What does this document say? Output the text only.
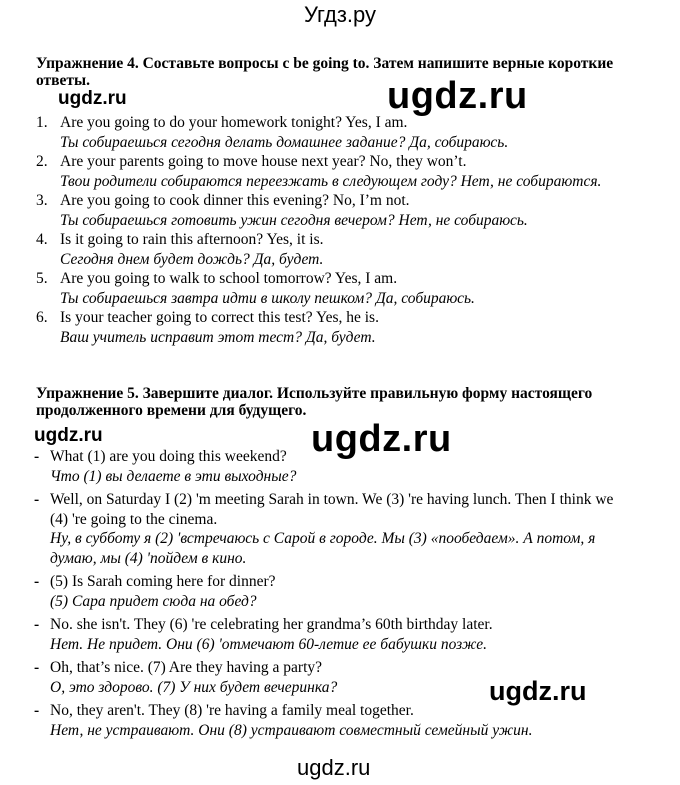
Угдз.ру
Упражнение 4. Составьте вопросы с be going to. Затем напишите верные короткие ответы.
ugdz.ru	ugdz.ru
1. Are you going to do your homework tonight? Yes, I am.
Ты собираешься сегодня делать домашнее задание? Да, собираюсь.
2. Are your parents going to move house next year? No, they won’t.
Твои родители собираются переезжать в следующем году? Нет, не собираются.
3. Are you going to cook dinner this evening? No, I’m not.
Ты собираешься готовить ужин сегодня вечером? Нет, не собираюсь.
4. Is it going to rain this afternoon? Yes, it is.
Сегодня днем будет дождь? Да, будет.
5. Are you going to walk to school tomorrow? Yes, I am.
Ты собираешься завтра идти в школу пешком? Да, собираюсь.
6. Is your teacher going to correct this test? Yes, he is.
Ваш учитель исправит этот тест? Да, будет.
Упражнение 5. Завершите диалог. Используйте правильную форму настоящего продолженного времени для будущего.
ugdz.ru	ugdz.ru
- What (1) are you doing this weekend?
Что (1) вы делаете в эти выходные?
- Well, on Saturday I (2) 'm meeting Sarah in town. We (3) 're having lunch. Then I think we (4) 're going to the cinema.
Ну, в субботу я (2) 'встречаюсь с Сарой в городе. Мы (3) «пообедаем». А потом, я думаю, мы (4) 'пойдем в кино.
- (5) Is Sarah coming here for dinner?
(5) Сара придет сюда на обед?
- No. she isn't. They (6) 're celebrating her grandma’s 60th birthday later.
Нет. Не придет. Они (6) 'отмечают 60-летие ее бабушки позже.
ugdz.ru
- Oh, that’s nice. (7) Are they having a party?
О, это здорово. (7) У них будет вечеринка?
- No, they aren't. They (8) 're having a family meal together.
Нет, не устраивают. Они (8) устраивают совместный семейный ужин.
ugdz.ru
